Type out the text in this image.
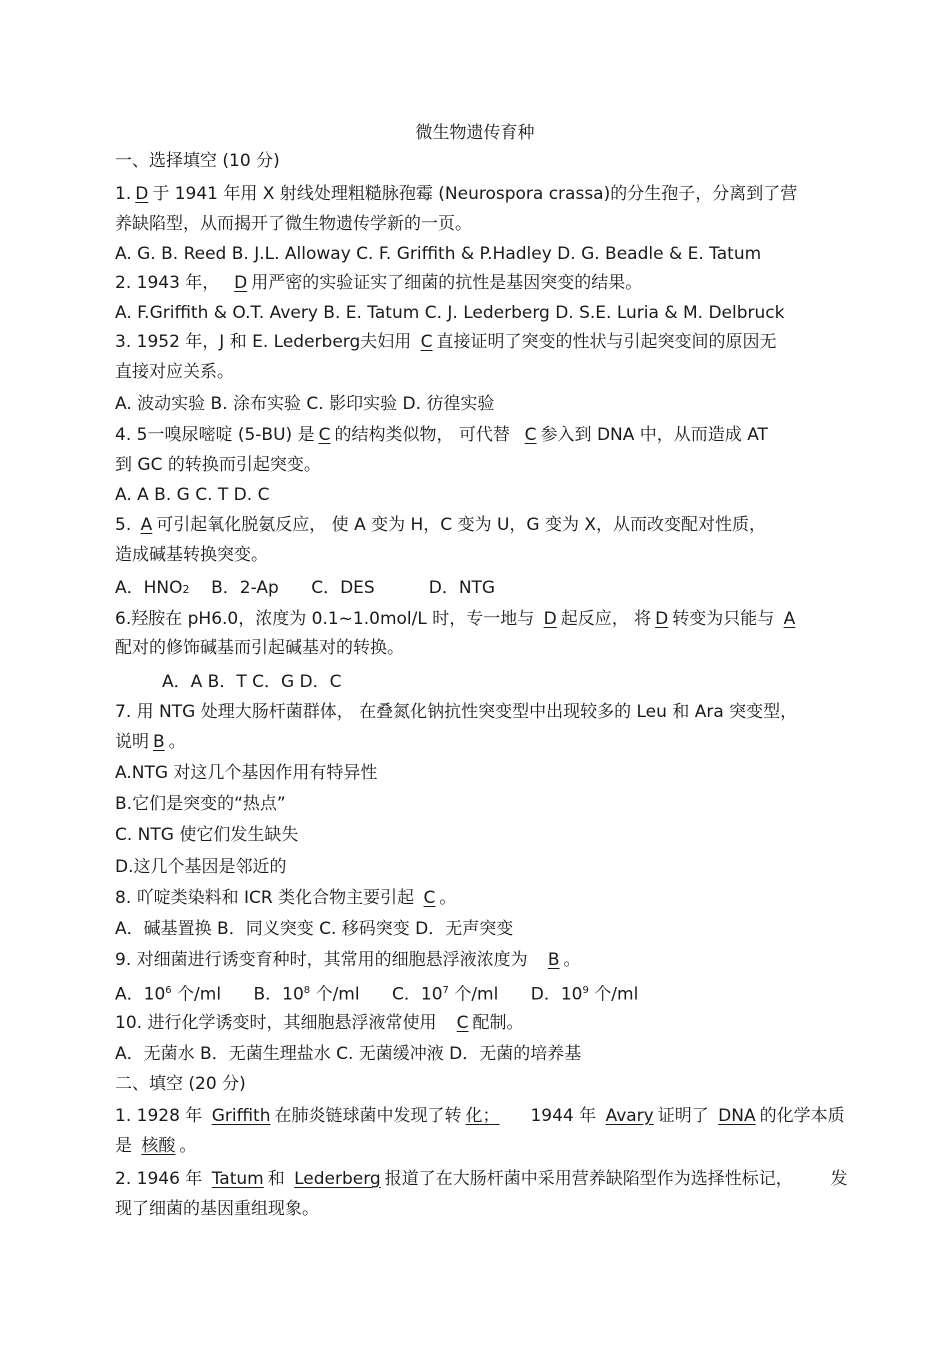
微生物遗传育种
一、选择填空 (10 分)
1. D 于 1941 年用 X 射线处理粗糙脉孢霉 (Neurospora crassa)的分生孢子，分离到了营
养缺陷型，从而揭开了微生物遗传学新的一页。
A. G. B. Reed B. J.L. Alloway C. F. Griffith & P.Hadley D. G. Beadle & E. Tatum
2. 1943 年， D 用严密的实验证实了细菌的抗性是基因突变的结果。
A. F.Griffith & O.T. Avery B. E. Tatum C. J. Lederberg D. S.E. Luria & M. Delbruck
3. 1952 年，J 和 E. Lederberg夫妇用 C 直接证明了突变的性状与引起突变间的原因无
直接对应关系。
A. 波动实验 B. 涂布实验 C. 影印实验 D. 彷徨实验
4. 5一嗅尿嘧啶 (5-BU) 是 C 的结构类似物， 可代替 C 参入到 DNA 中，从而造成 AT
到 GC 的转换而引起突变。
A. A B. G C. T D. C
5. A 可引起氧化脱氨反应， 使 A 变为 H，C 变为 U，G 变为 X，从而改变配对性质，
造成碱基转换突变。
A．HNO2    B．2-Ap      C．DES          D．NTG
6.羟胺在 pH6.0，浓度为 0.1~1.0mol/L 时，专一地与 D 起反应， 将 D 转变为只能与 A
配对的修饰碱基而引起碱基对的转换。
A．A B．T C．G D．C
7. 用 NTG 处理大肠杆菌群体， 在叠氮化钠抗性突变型中出现较多的 Leu 和 Ara 突变型，
说明 B 。
A.NTG 对这几个基因作用有特异性
B.它们是突变的“热点”
C. NTG 使它们发生缺失
D.这几个基因是邻近的
8. 吖啶类染料和 ICR 类化合物主要引起 C 。
A．碱基置换 B．同义突变 C. 移码突变 D．无声突变
9. 对细菌进行诱变育种时，其常用的细胞悬浮液浓度为 B 。
A．$10^6$ 个/ml B．$10^8$ 个/ml C．$10^7$ 个/ml D．$10^9$ 个/ml
10. 进行化学诱变时，其细胞悬浮液常使用 C 配制。
A．无菌水 B．无菌生理盐水 C. 无菌缓冲液 D．无菌的培养基
二、填空 (20 分)
1. 1928 年 Griffith 在肺炎链球菌中发现了转 化；     1944 年 Avary 证明了 DNA 的化学本质
是 核酸 。
2. 1946 年 Tatum 和 Lederberg 报道了在大肠杆菌中采用营养缺陷型作为选择性标记，       发
现了细菌的基因重组现象。
